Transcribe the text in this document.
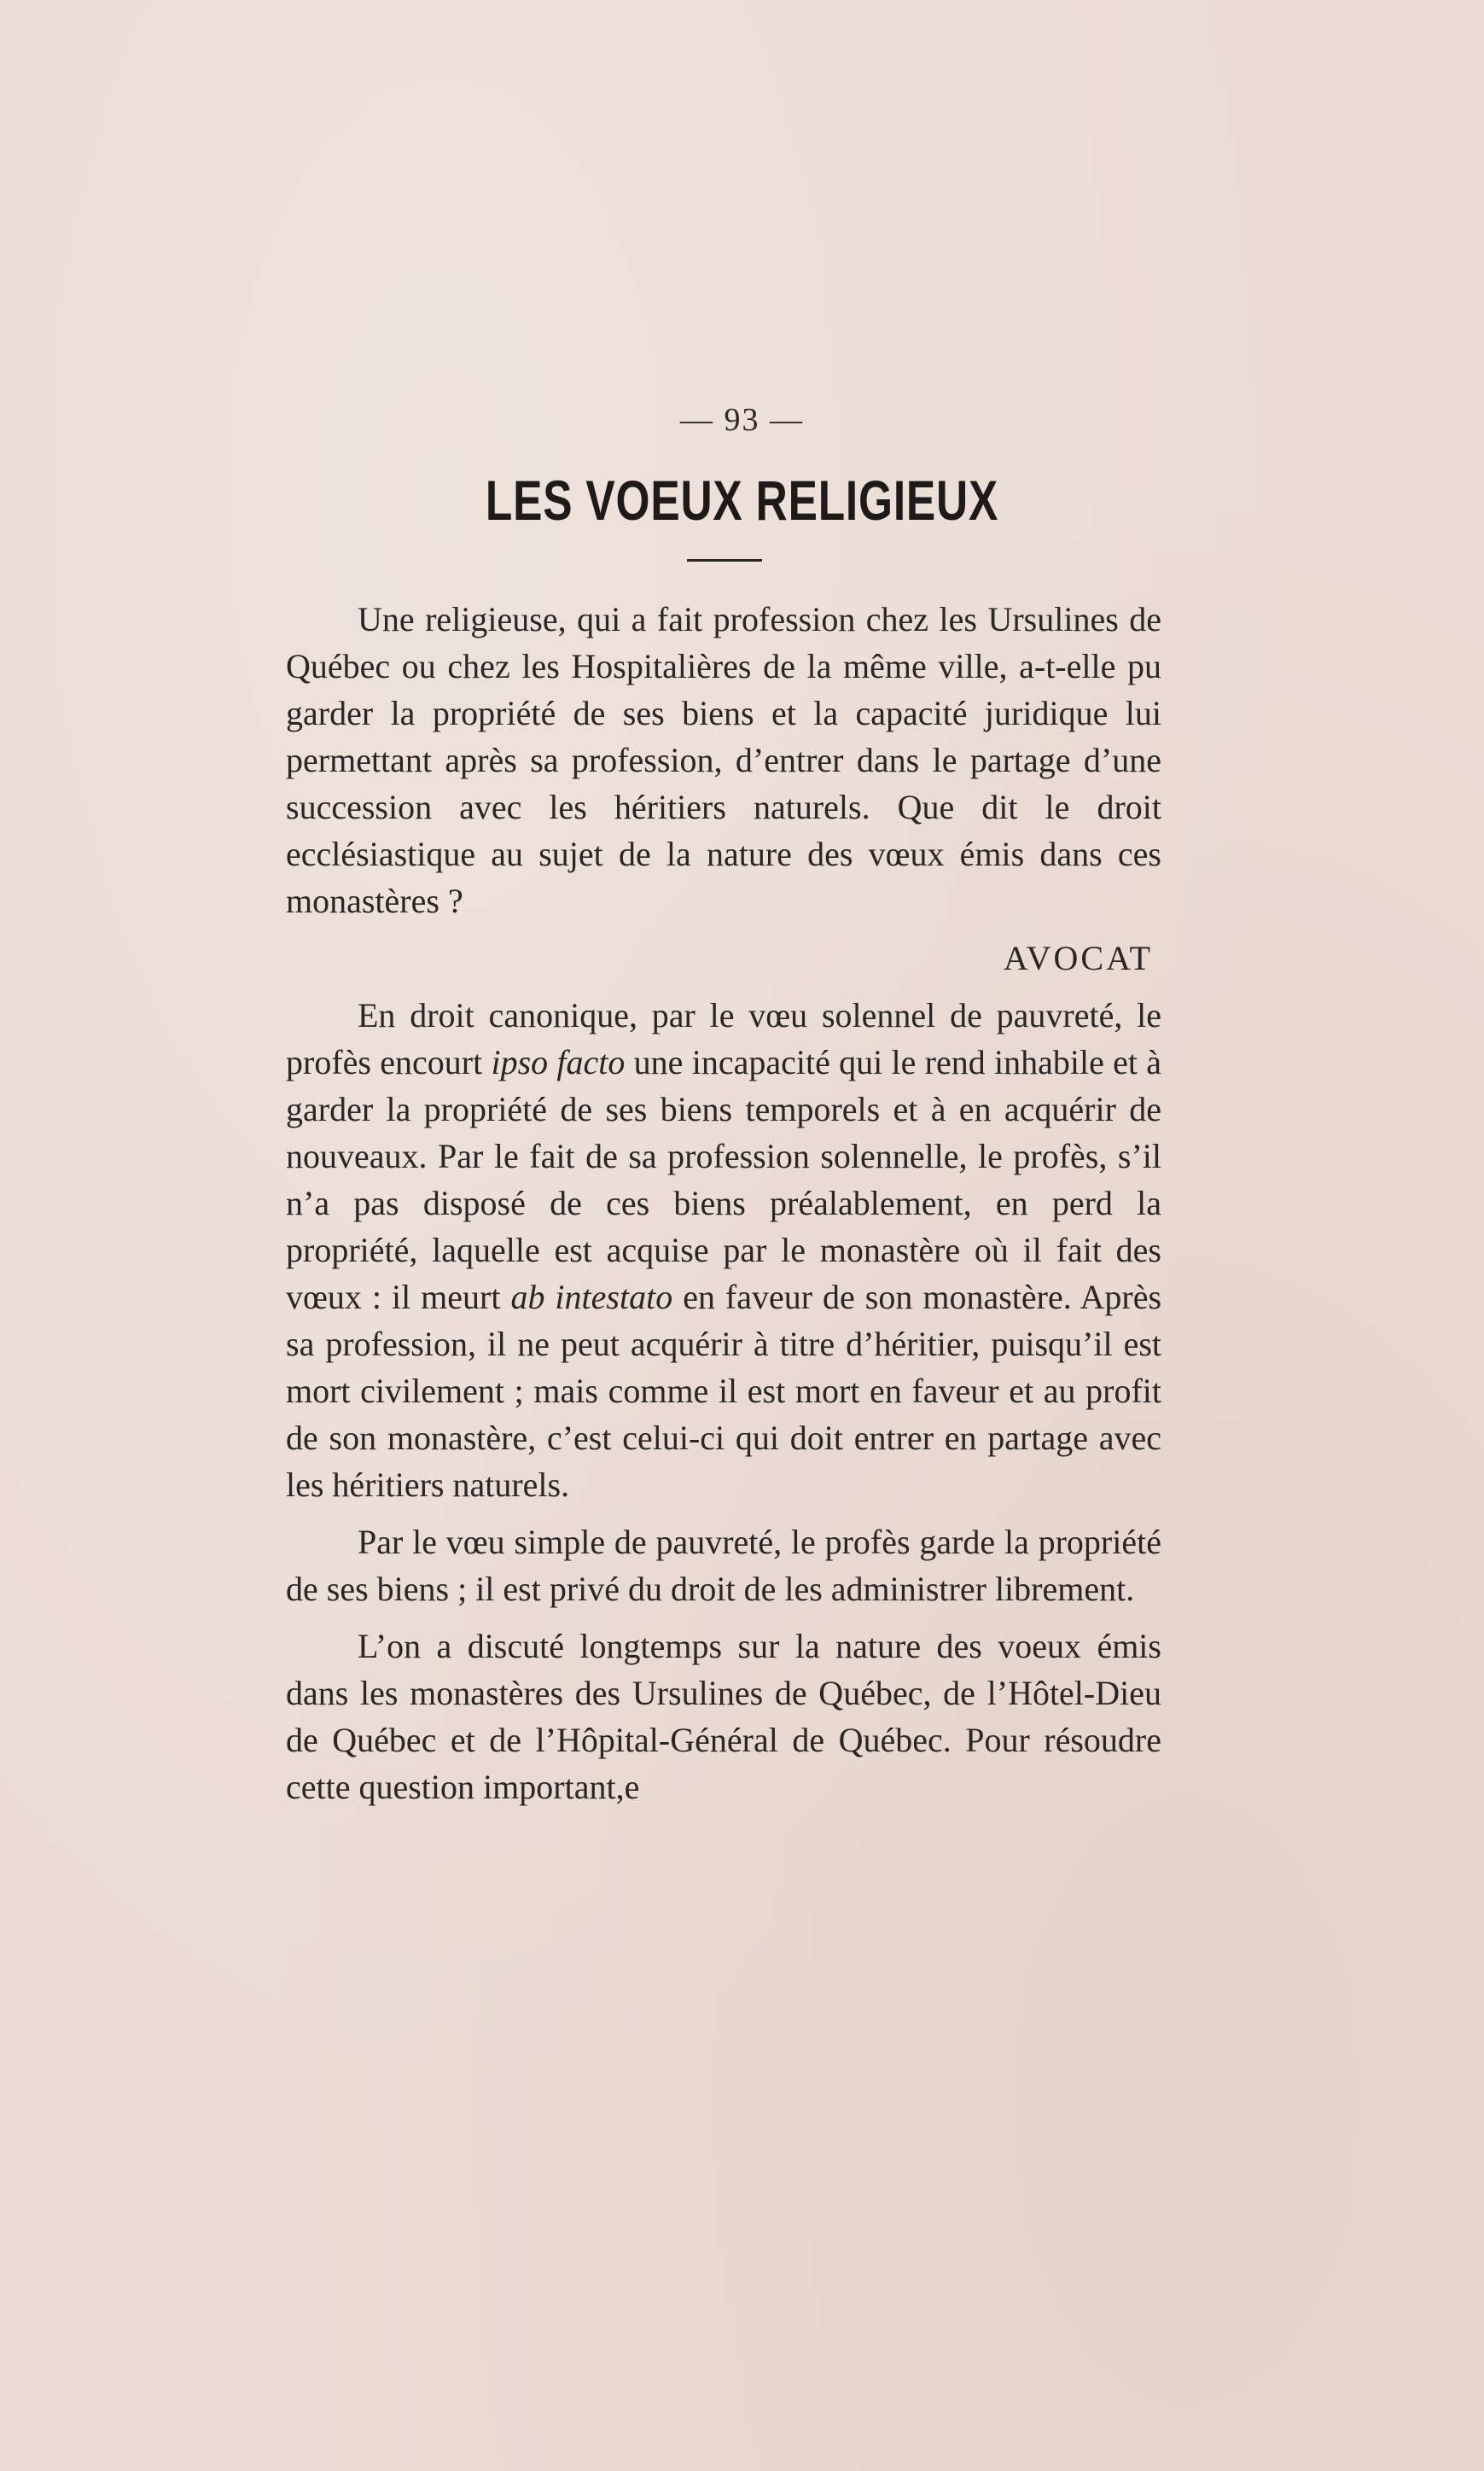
— 93 —
LES VOEUX RELIGIEUX

Une religieuse, qui a fait profession chez les Ursulines de Québec ou chez les Hospitalières de la même ville, a-t-elle pu garder la propriété de ses biens et la capacité juridique lui permettant après sa profession, d’entrer dans le partage d’une succession avec les héritiers naturels. Que dit le droit ecclésiastique au sujet de la nature des vœux émis dans ces monastères ?

AVOCAT

En droit canonique, par le vœu solennel de pauvreté, le profès encourt ipso facto une incapacité qui le rend inhabile et à garder la propriété de ses biens temporels et à en acquérir de nouveaux. Par le fait de sa profession solennelle, le profès, s’il n’a pas disposé de ces biens préalablement, en perd la propriété, laquelle est acquise par le monastère où il fait des vœux : il meurt ab intestato en faveur de son monastère. Après sa profession, il ne peut acquérir à titre d’héritier, puisqu’il est mort civilement ; mais comme il est mort en faveur et au profit de son monastère, c’est celui-ci qui doit entrer en partage avec les héritiers naturels.

Par le vœu simple de pauvreté, le profès garde la propriété de ses biens ; il est privé du droit de les administrer librement.

L’on a discuté longtemps sur la nature des voeux émis dans les monastères des Ursulines de Québec, de l’Hôtel-Dieu de Québec et de l’Hôpital-Général de Québec. Pour résoudre cette question important,e
